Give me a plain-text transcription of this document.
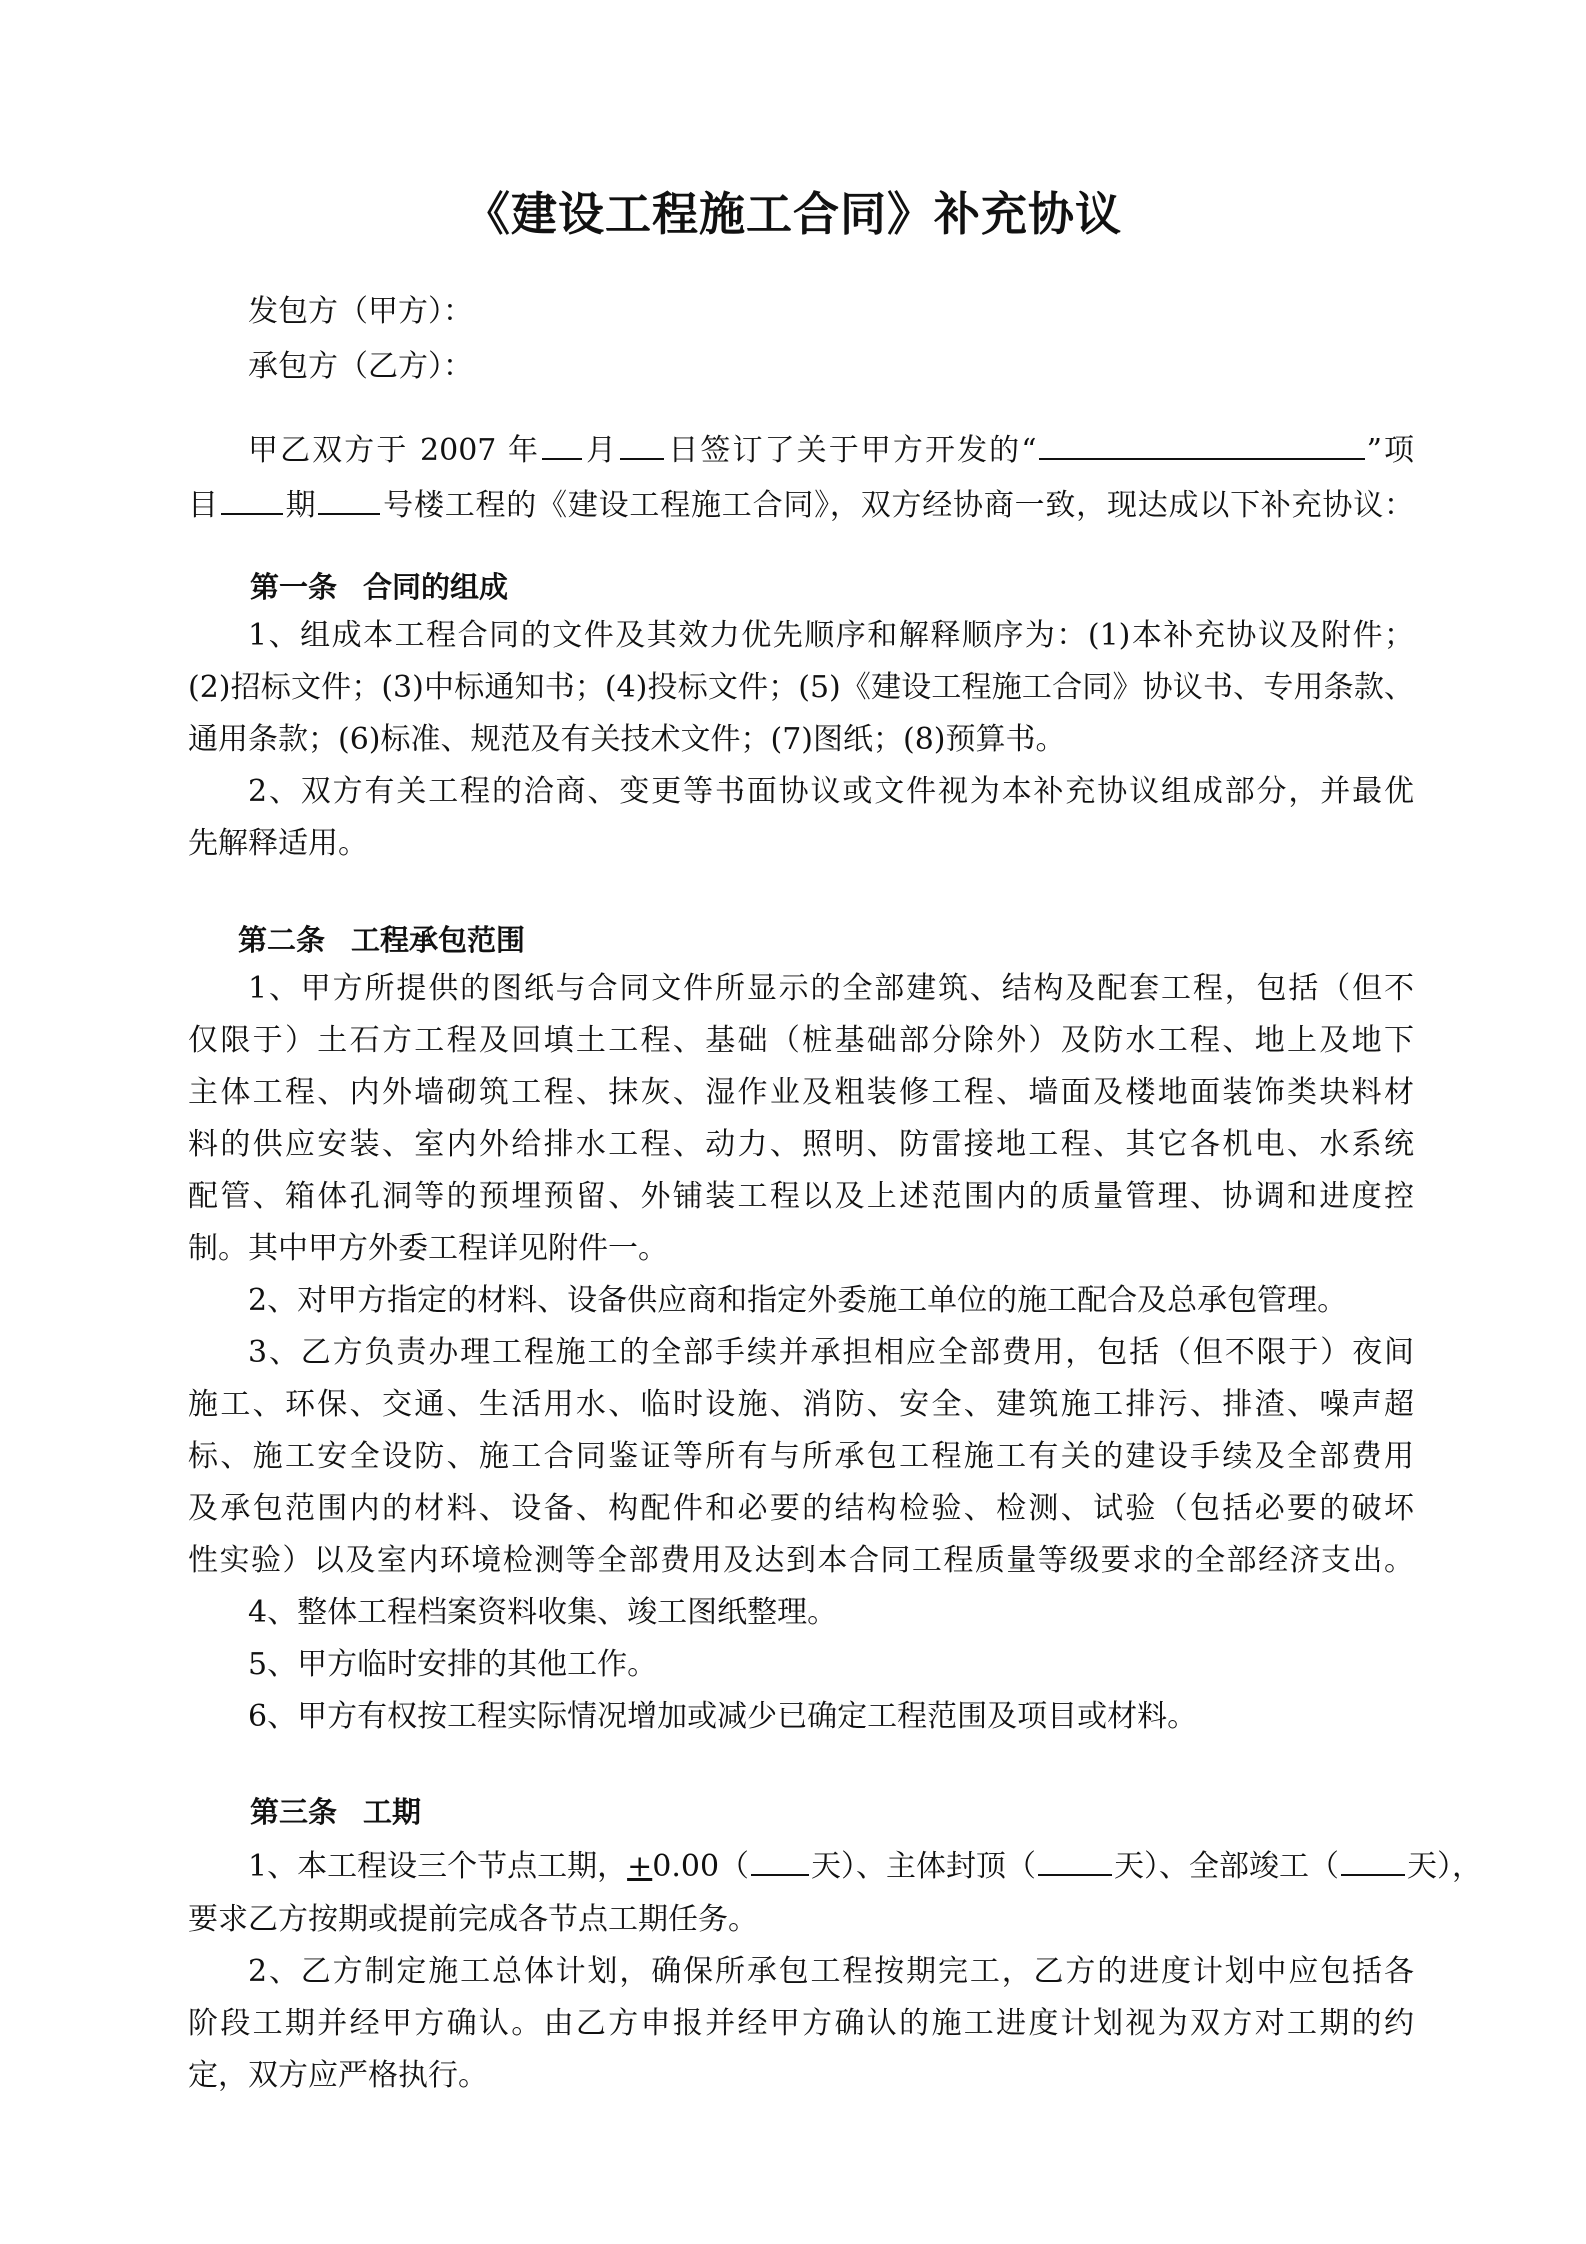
《建设工程施工合同》补充协议
发包方（甲方）：
承包方（乙方）：
甲乙双方于 2007 年 月 日签订了关于甲方开发的“	”项
目 期 号楼工程的《建设工程施工合同》，双方经协商一致，现达成以下补充协议：
第一条 合同的组成
1、组成本工程合同的文件及其效力优先顺序和解释顺序为：(1)本补充协议及附件；
(2)招标文件；(3)中标通知书；(4)投标文件；(5)《建设工程施工合同》协议书、专用条款、
通用条款；(6)标准、规范及有关技术文件；(7)图纸；(8)预算书。
2、双方有关工程的洽商、变更等书面协议或文件视为本补充协议组成部分，并最优
先解释适用。
第二条 工程承包范围
1、甲方所提供的图纸与合同文件所显示的全部建筑、结构及配套工程，包括（但不
仅限于）土石方工程及回填土工程、基础（桩基础部分除外）及防水工程、地上及地下
主体工程、内外墙砌筑工程、抹灰、湿作业及粗装修工程、墙面及楼地面装饰类块料材
料的供应安装、室内外给排水工程、动力、照明、防雷接地工程、其它各机电、水系统
配管、箱体孔洞等的预埋预留、外铺装工程以及上述范围内的质量管理、协调和进度控
制。其中甲方外委工程详见附件一。
2、对甲方指定的材料、设备供应商和指定外委施工单位的施工配合及总承包管理。
3、乙方负责办理工程施工的全部手续并承担相应全部费用，包括（但不限于）夜间
施工、环保、交通、生活用水、临时设施、消防、安全、建筑施工排污、排渣、噪声超
标、施工安全设防、施工合同鉴证等所有与所承包工程施工有关的建设手续及全部费用
及承包范围内的材料、设备、构配件和必要的结构检验、检测、试验（包括必要的破坏
性实验）以及室内环境检测等全部费用及达到本合同工程质量等级要求的全部经济支出。
4、整体工程档案资料收集、竣工图纸整理。
5、甲方临时安排的其他工作。
6、甲方有权按工程实际情况增加或减少已确定工程范围及项目或材料。
第三条 工期
1、本工程设三个节点工期，+0.00（ 天）、主体封顶（	天）、全部竣工（ 天），
要求乙方按期或提前完成各节点工期任务。
2、乙方制定施工总体计划，确保所承包工程按期完工，乙方的进度计划中应包括各
阶段工期并经甲方确认。由乙方申报并经甲方确认的施工进度计划视为双方对工期的约
定，双方应严格执行。
